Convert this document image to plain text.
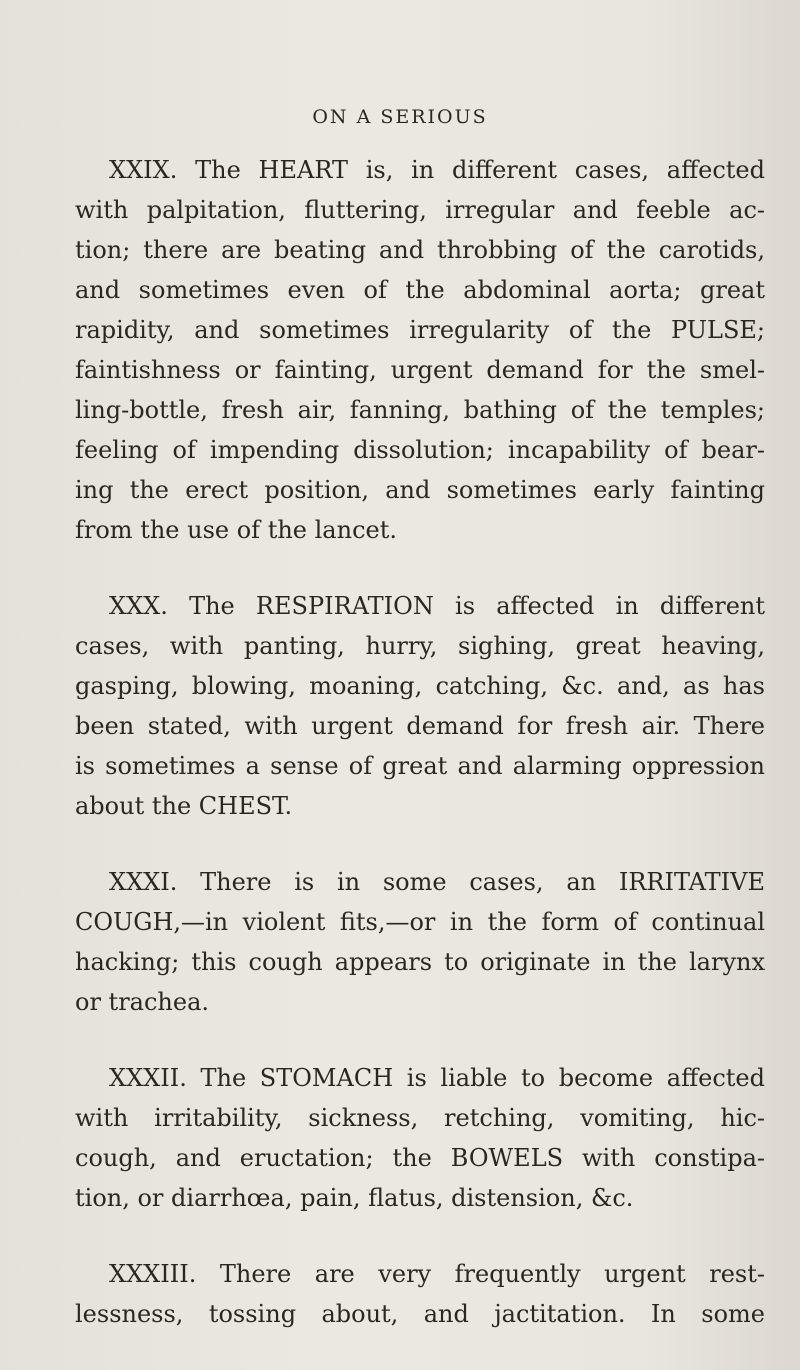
ON A SERIOUS
XXIX. The HEART is, in different cases, affected
with palpitation, fluttering, irregular and feeble ac-
tion; there are beating and throbbing of the carotids,
and sometimes even of the abdominal aorta; great
rapidity, and sometimes irregularity of the PULSE;
faintishness or fainting, urgent demand for the smel-
ling-bottle, fresh air, fanning, bathing of the temples;
feeling of impending dissolution; incapability of bear-
ing the erect position, and sometimes early fainting
from the use of the lancet.
XXX. The RESPIRATION is affected in different
cases, with panting, hurry, sighing, great heaving,
gasping, blowing, moaning, catching, &c. and, as has
been stated, with urgent demand for fresh air. There
is sometimes a sense of great and alarming oppression
about the CHEST.
XXXI. There is in some cases, an IRRITATIVE
COUGH,—in violent fits,—or in the form of continual
hacking; this cough appears to originate in the larynx
or trachea.
XXXII. The STOMACH is liable to become affected
with irritability, sickness, retching, vomiting, hic-
cough, and eructation; the BOWELS with constipa-
tion, or diarrhœa, pain, flatus, distension, &c.
XXXIII. There are very frequently urgent rest-
lessness, tossing about, and jactitation. In some
